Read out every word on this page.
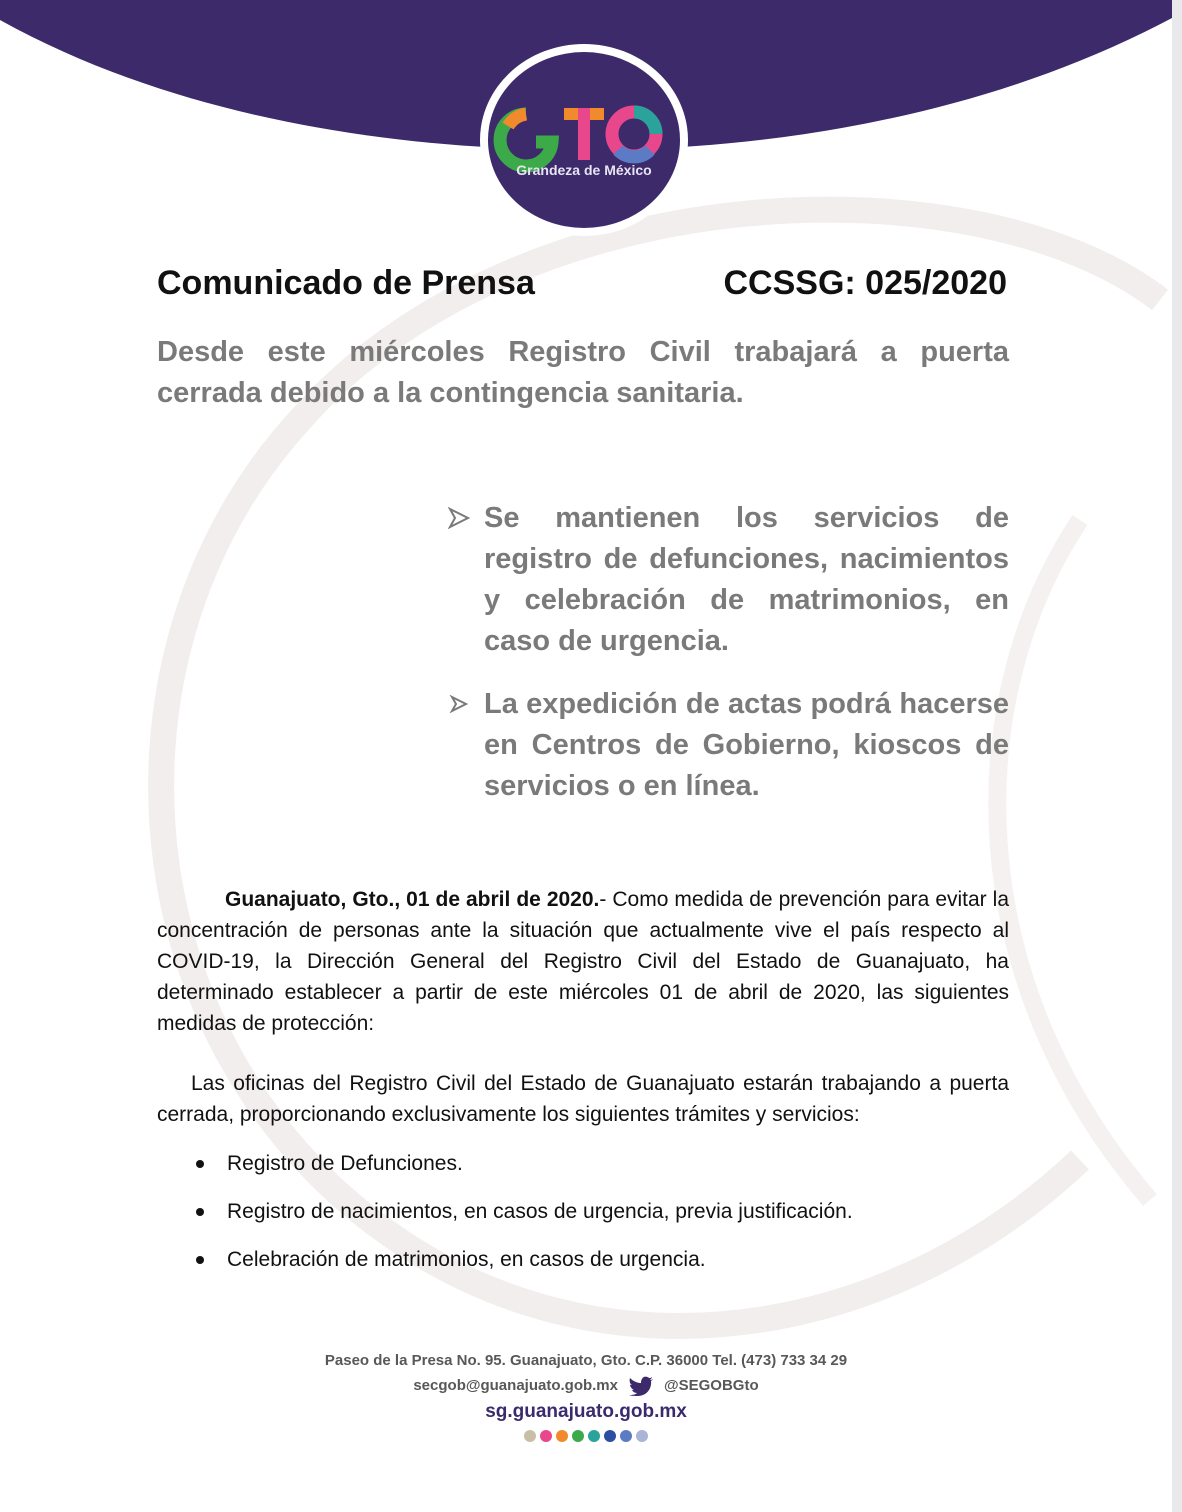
Grandeza de México
Comunicado de Prensa	CCSSG: 025/2020
Desde este miércoles Registro Civil trabajará a puerta cerrada debido a la contingencia sanitaria.
Se mantienen los servicios de registro de defunciones, nacimientos y celebración de matrimonios, en caso de urgencia.
La expedición de actas podrá hacerse en Centros de Gobierno, kioscos de servicios o en línea.
Guanajuato, Gto., 01 de abril de 2020.- Como medida de prevención para evitar la concentración de personas ante la situación que actualmente vive el país respecto al COVID-19, la Dirección General del Registro Civil del Estado de Guanajuato, ha determinado establecer a partir de este miércoles 01 de abril de 2020, las siguientes medidas de protección:
Las oficinas del Registro Civil del Estado de Guanajuato estarán trabajando a puerta cerrada, proporcionando exclusivamente los siguientes trámites y servicios:
Registro de Defunciones.
Registro de nacimientos, en casos de urgencia, previa justificación.
Celebración de matrimonios, en casos de urgencia.
Paseo de la Presa No. 95. Guanajuato, Gto. C.P. 36000 Tel. (473) 733 34 29
secgob@guanajuato.gob.mx	@SEGOBGto
sg.guanajuato.gob.mx
